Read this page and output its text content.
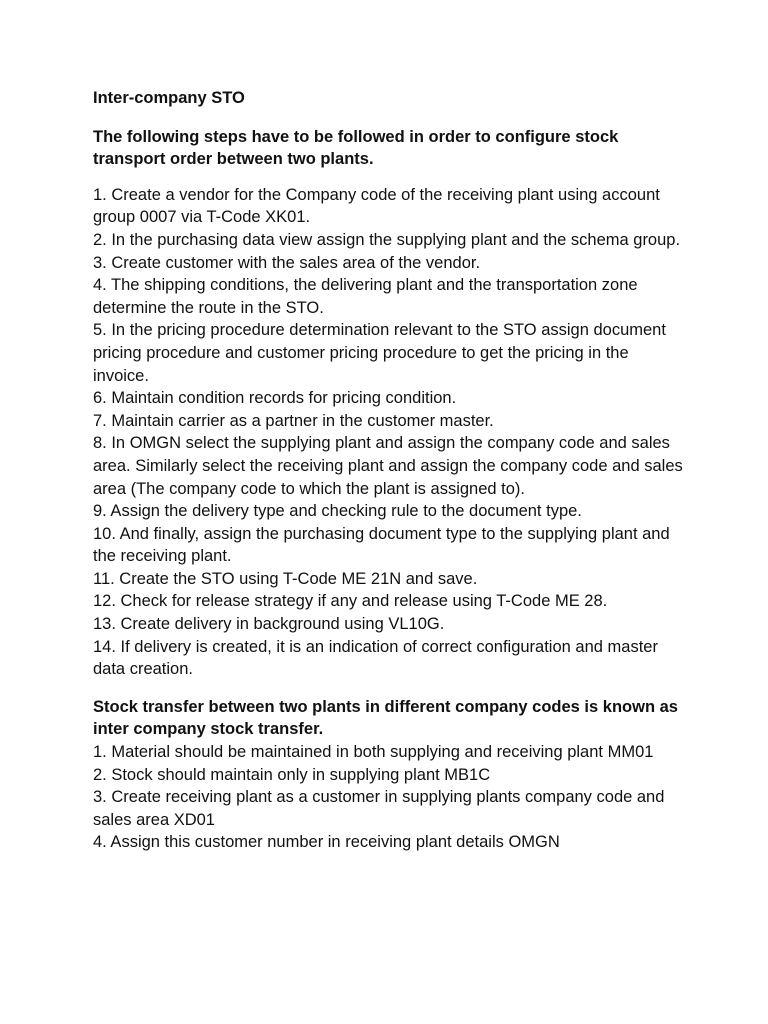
Inter-company STO

The following steps have to be followed in order to configure stock transport order between two plants.

1. Create a vendor for the Company code of the receiving plant using account group 0007 via T-Code XK01.
2. In the purchasing data view assign the supplying plant and the schema group.
3. Create customer with the sales area of the vendor.
4. The shipping conditions, the delivering plant and the transportation zone determine the route in the STO.
5. In the pricing procedure determination relevant to the STO assign document pricing procedure and customer pricing procedure to get the pricing in the invoice.
6. Maintain condition records for pricing condition.
7. Maintain carrier as a partner in the customer master.
8. In OMGN select the supplying plant and assign the company code and sales area. Similarly select the receiving plant and assign the company code and sales area (The company code to which the plant is assigned to).
9. Assign the delivery type and checking rule to the document type.
10. And finally, assign the purchasing document type to the supplying plant and the receiving plant.
11. Create the STO using T-Code ME 21N and save.
12. Check for release strategy if any and release using T-Code ME 28.
13. Create delivery in background using VL10G.
14. If delivery is created, it is an indication of correct configuration and master data creation.

Stock transfer between two plants in different company codes is known as inter company stock transfer.

1. Material should be maintained in both supplying and receiving plant MM01
2. Stock should maintain only in supplying plant MB1C
3. Create receiving plant as a customer in supplying plants company code and sales area XD01
4. Assign this customer number in receiving plant details OMGN
